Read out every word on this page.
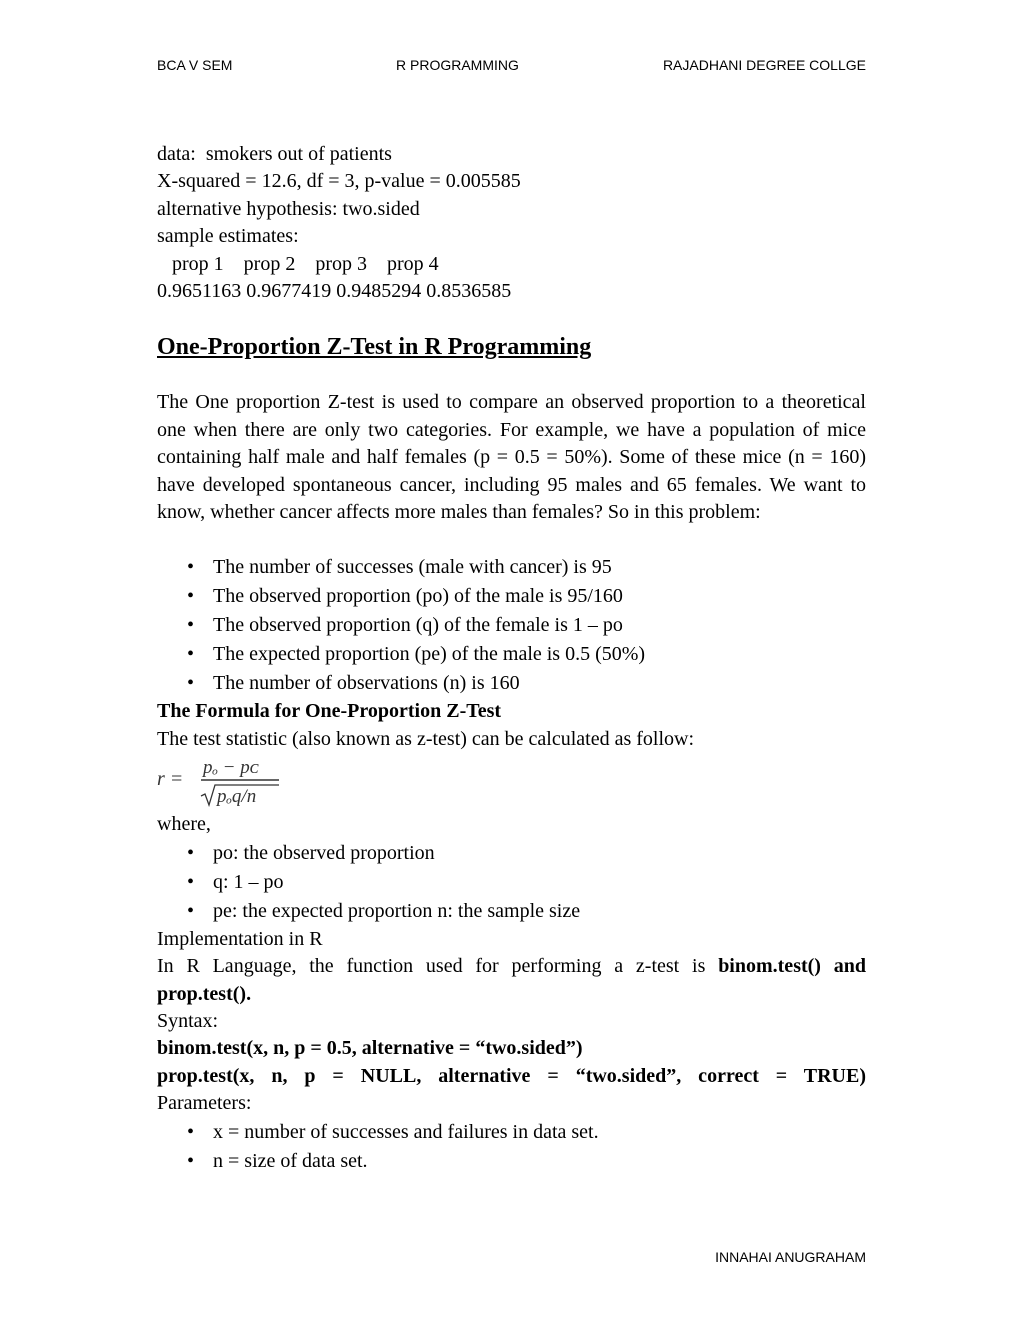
BCA V SEM	R PROGRAMMING	RAJADHANI DEGREE COLLGE
data:  smokers out of patients
X-squared = 12.6, df = 3, p-value = 0.005585
alternative hypothesis: two.sided
sample estimates:
prop 1    prop 2    prop 3    prop 4
0.9651163 0.9677419 0.9485294 0.8536585
One-Proportion Z-Test in R Programming
The One proportion Z-test is used to compare an observed proportion to a theoretical one when there are only two categories. For example, we have a population of mice containing half male and half females (p = 0.5 = 50%). Some of these mice (n = 160) have developed spontaneous cancer, including 95 males and 65 females. We want to know, whether cancer affects more males than females? So in this problem:
• The number of successes (male with cancer) is 95
• The observed proportion (po) of the male is 95/160
• The observed proportion (q) of the female is 1 – po
• The expected proportion (pe) of the male is 0.5 (50%)
• The number of observations (n) is 160
The Formula for One-Proportion Z-Test
The test statistic (also known as z-test) can be calculated as follow:
r =
pₒ − pᴄ
pₒq/n
where,
• po: the observed proportion
• q: 1 – po
• pe: the expected proportion n: the sample size
Implementation in R
In R Language, the function used for performing a z-test is binom.test() and
prop.test().
Syntax:
binom.test(x, n, p = 0.5, alternative = “two.sided”)
prop.test(x, n, p = NULL, alternative = “two.sided”, correct = TRUE)
Parameters:
• x = number of successes and failures in data set.
• n = size of data set.
INNAHAI ANUGRAHAM
